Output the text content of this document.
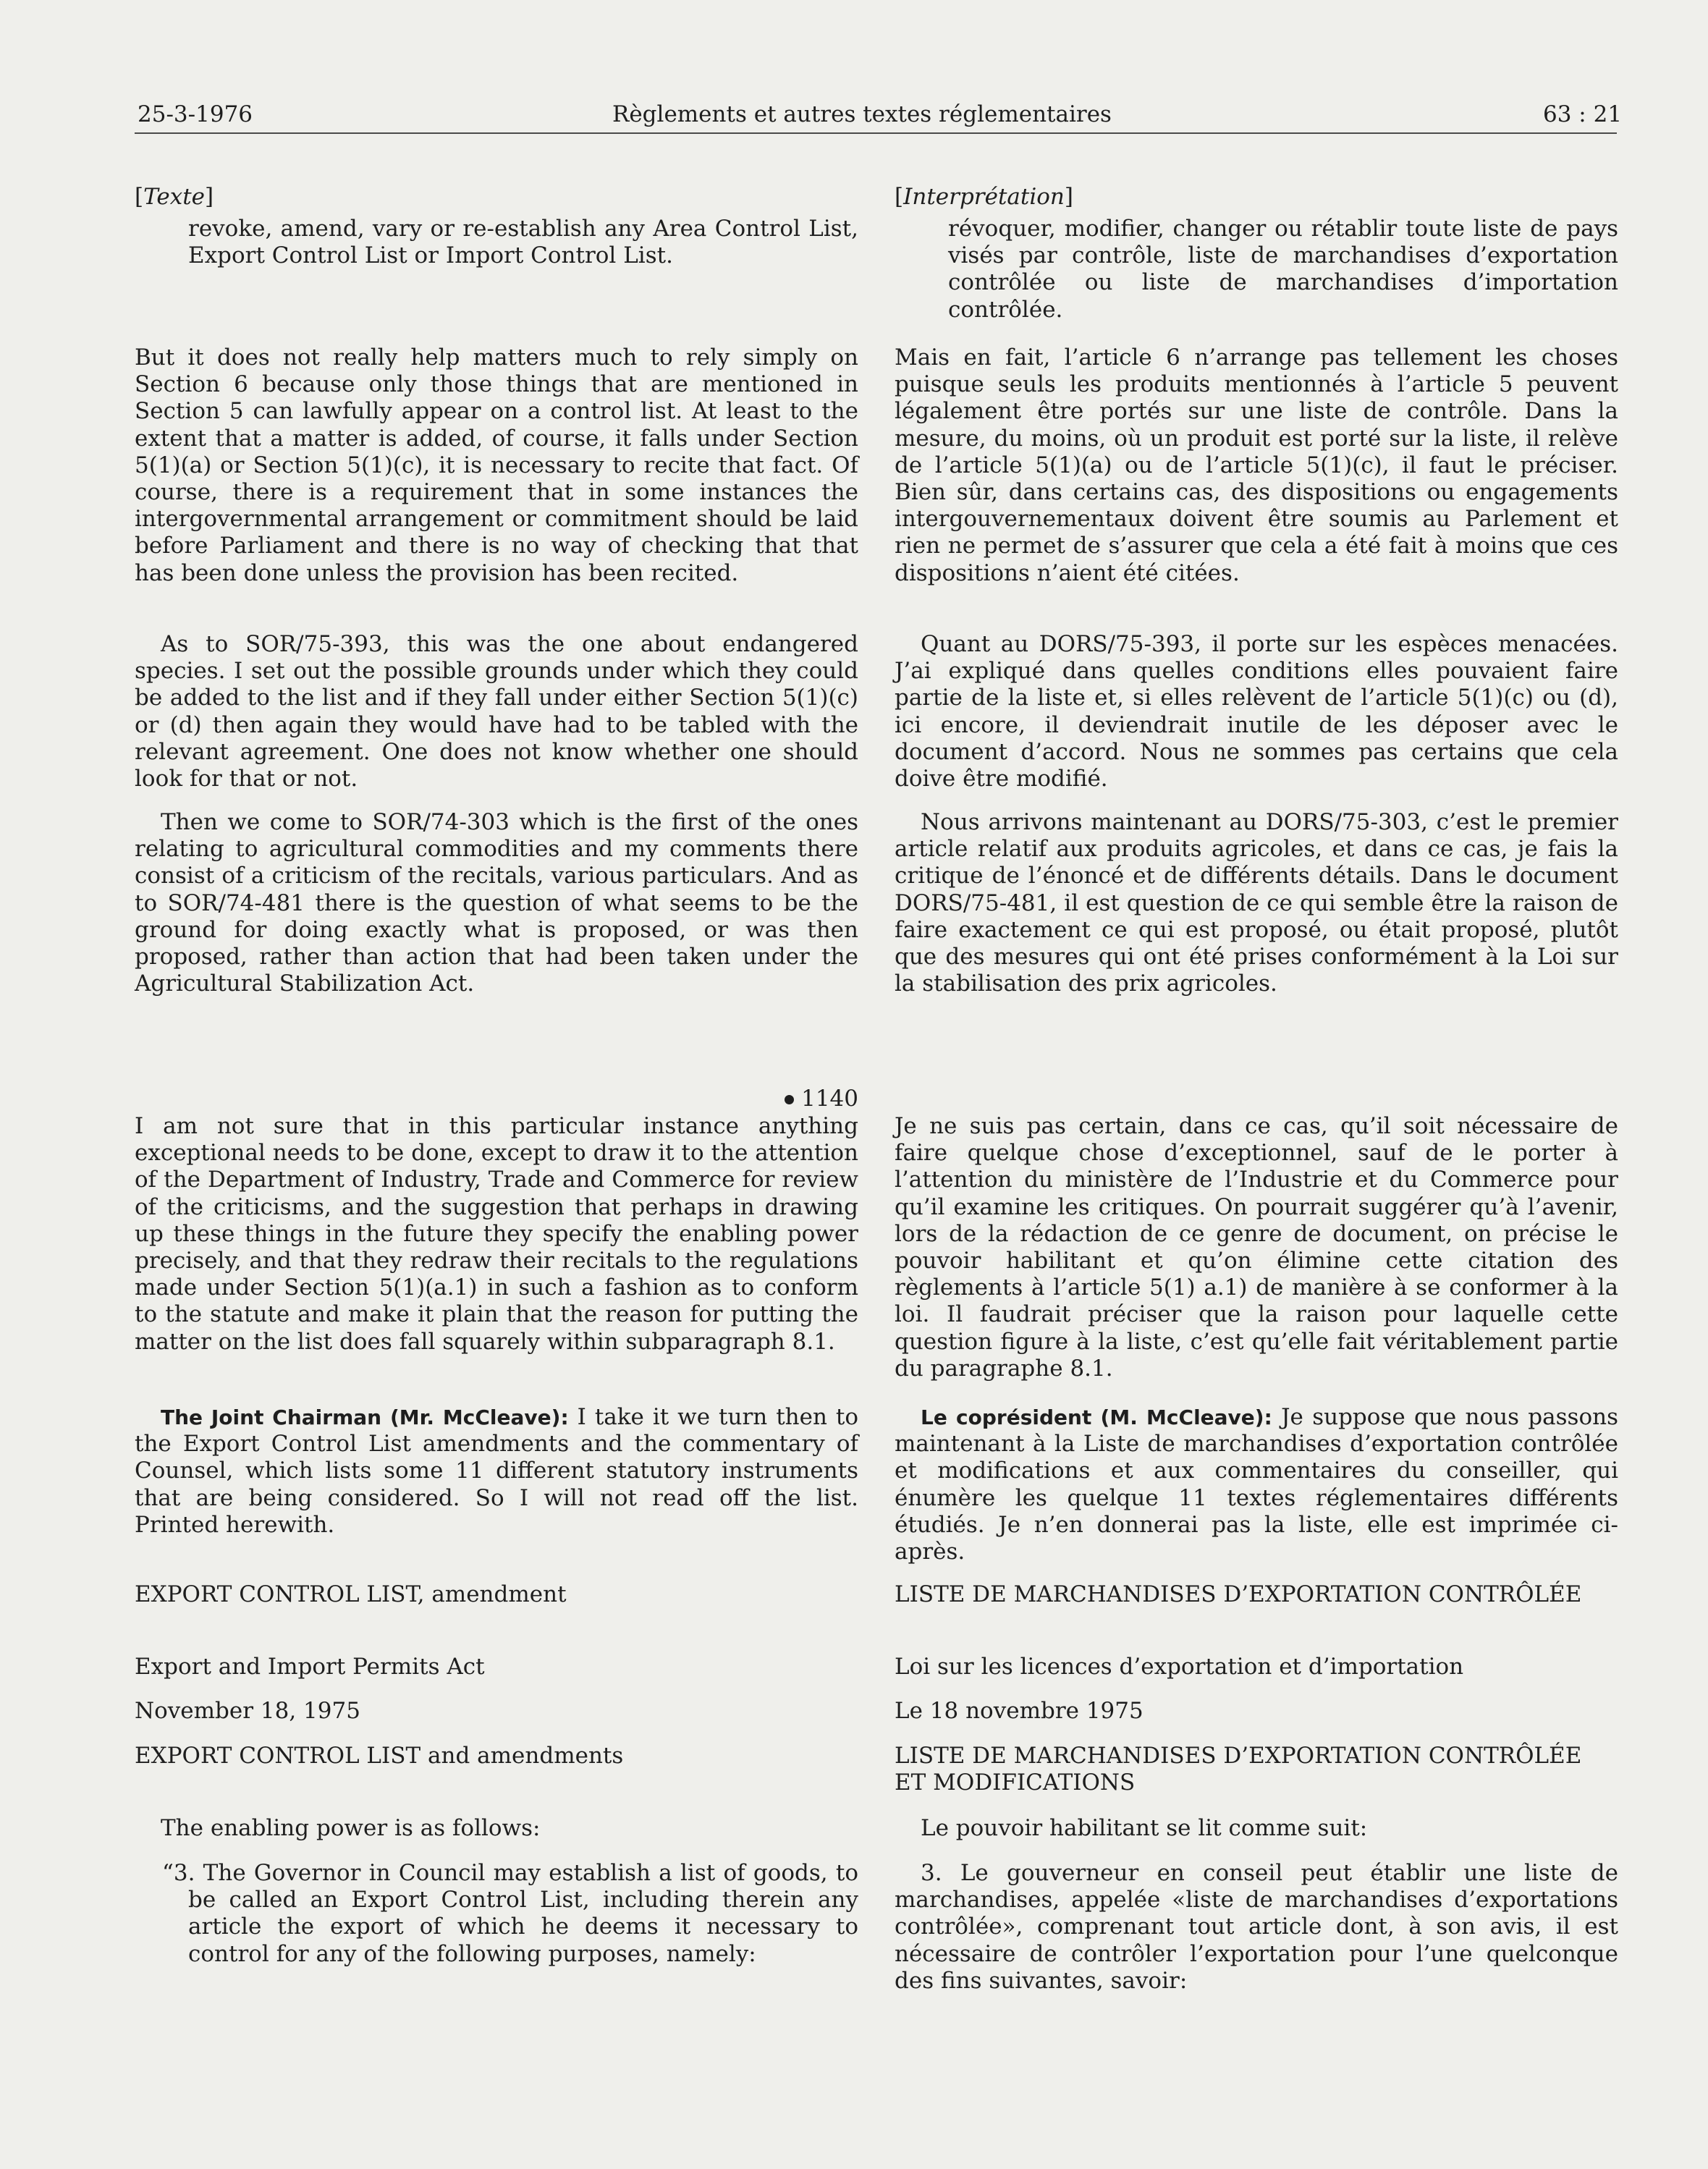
25-3-1976	Règlements et autres textes réglementaires	63 : 21

[Texte]

revoke, amend, vary or re-establish any Area Control List, Export Control List or Import Control List.

But it does not really help matters much to rely simply on Section 6 because only those things that are mentioned in Section 5 can lawfully appear on a control list. At least to the extent that a matter is added, of course, it falls under Section 5(1)(a) or Section 5(1)(c), it is necessary to recite that fact. Of course, there is a requirement that in some instances the intergovernmental arrangement or commitment should be laid before Parliament and there is no way of checking that that has been done unless the provision has been recited.

As to SOR/75-393, this was the one about endangered species. I set out the possible grounds under which they could be added to the list and if they fall under either Section 5(1)(c) or (d) then again they would have had to be tabled with the relevant agreement. One does not know whether one should look for that or not.

Then we come to SOR/74-303 which is the first of the ones relating to agricultural commodities and my comments there consist of a criticism of the recitals, various particulars. And as to SOR/74-481 there is the question of what seems to be the ground for doing exactly what is proposed, or was then proposed, rather than action that had been taken under the Agricultural Stabilization Act.

1140

I am not sure that in this particular instance anything exceptional needs to be done, except to draw it to the attention of the Department of Industry, Trade and Commerce for review of the criticisms, and the suggestion that perhaps in drawing up these things in the future they specify the enabling power precisely, and that they redraw their recitals to the regulations made under Section 5(1)(a.1) in such a fashion as to conform to the statute and make it plain that the reason for putting the matter on the list does fall squarely within subparagraph 8.1.

The Joint Chairman (Mr. McCleave): I take it we turn then to the Export Control List amendments and the commentary of Counsel, which lists some 11 different statutory instruments that are being considered. So I will not read off the list. Printed herewith.

EXPORT CONTROL LIST, amendment

Export and Import Permits Act

November 18, 1975

EXPORT CONTROL LIST and amendments

The enabling power is as follows:

“3. The Governor in Council may establish a list of goods, to be called an Export Control List, including therein any article the export of which he deems it necessary to control for any of the following purposes, namely:

[Interprétation]

révoquer, modifier, changer ou rétablir toute liste de pays visés par contrôle, liste de marchandises d’exportation contrôlée ou liste de marchandises d’importation contrôlée.

Mais en fait, l’article 6 n’arrange pas tellement les choses puisque seuls les produits mentionnés à l’article 5 peuvent légalement être portés sur une liste de contrôle. Dans la mesure, du moins, où un produit est porté sur la liste, il relève de l’article 5(1)(a) ou de l’article 5(1)(c), il faut le préciser. Bien sûr, dans certains cas, des dispositions ou engagements intergouvernementaux doivent être soumis au Parlement et rien ne permet de s’assurer que cela a été fait à moins que ces dispositions n’aient été citées.

Quant au DORS/75-393, il porte sur les espèces menacées. J’ai expliqué dans quelles conditions elles pouvaient faire partie de la liste et, si elles relèvent de l’article 5(1)(c) ou (d), ici encore, il deviendrait inutile de les déposer avec le document d’accord. Nous ne sommes pas certains que cela doive être modifié.

Nous arrivons maintenant au DORS/75-303, c’est le premier article relatif aux produits agricoles, et dans ce cas, je fais la critique de l’énoncé et de différents détails. Dans le document DORS/75-481, il est question de ce qui semble être la raison de faire exactement ce qui est proposé, ou était proposé, plutôt que des mesures qui ont été prises conformément à la Loi sur la stabilisation des prix agricoles.

Je ne suis pas certain, dans ce cas, qu’il soit nécessaire de faire quelque chose d’exceptionnel, sauf de le porter à l’attention du ministère de l’Industrie et du Commerce pour qu’il examine les critiques. On pourrait suggérer qu’à l’avenir, lors de la rédaction de ce genre de document, on précise le pouvoir habilitant et qu’on élimine cette citation des règlements à l’article 5(1) a.1) de manière à se conformer à la loi. Il faudrait préciser que la raison pour laquelle cette question figure à la liste, c’est qu’elle fait véritablement partie du paragraphe 8.1.

Le coprésident (M. McCleave): Je suppose que nous passons maintenant à la Liste de marchandises d’exportation contrôlée et modifications et aux commentaires du conseiller, qui énumère les quelque 11 textes réglementaires différents étudiés. Je n’en donnerai pas la liste, elle est imprimée ci-après.

LISTE DE MARCHANDISES D’EXPORTATION CONTRÔLÉE

Loi sur les licences d’exportation et d’importation

Le 18 novembre 1975

LISTE DE MARCHANDISES D’EXPORTATION CONTRÔLÉE ET MODIFICATIONS

Le pouvoir habilitant se lit comme suit:

3. Le gouverneur en conseil peut établir une liste de marchandises, appelée «liste de marchandises d’exportations contrôlée», comprenant tout article dont, à son avis, il est nécessaire de contrôler l’exportation pour l’une quelconque des fins suivantes, savoir:
